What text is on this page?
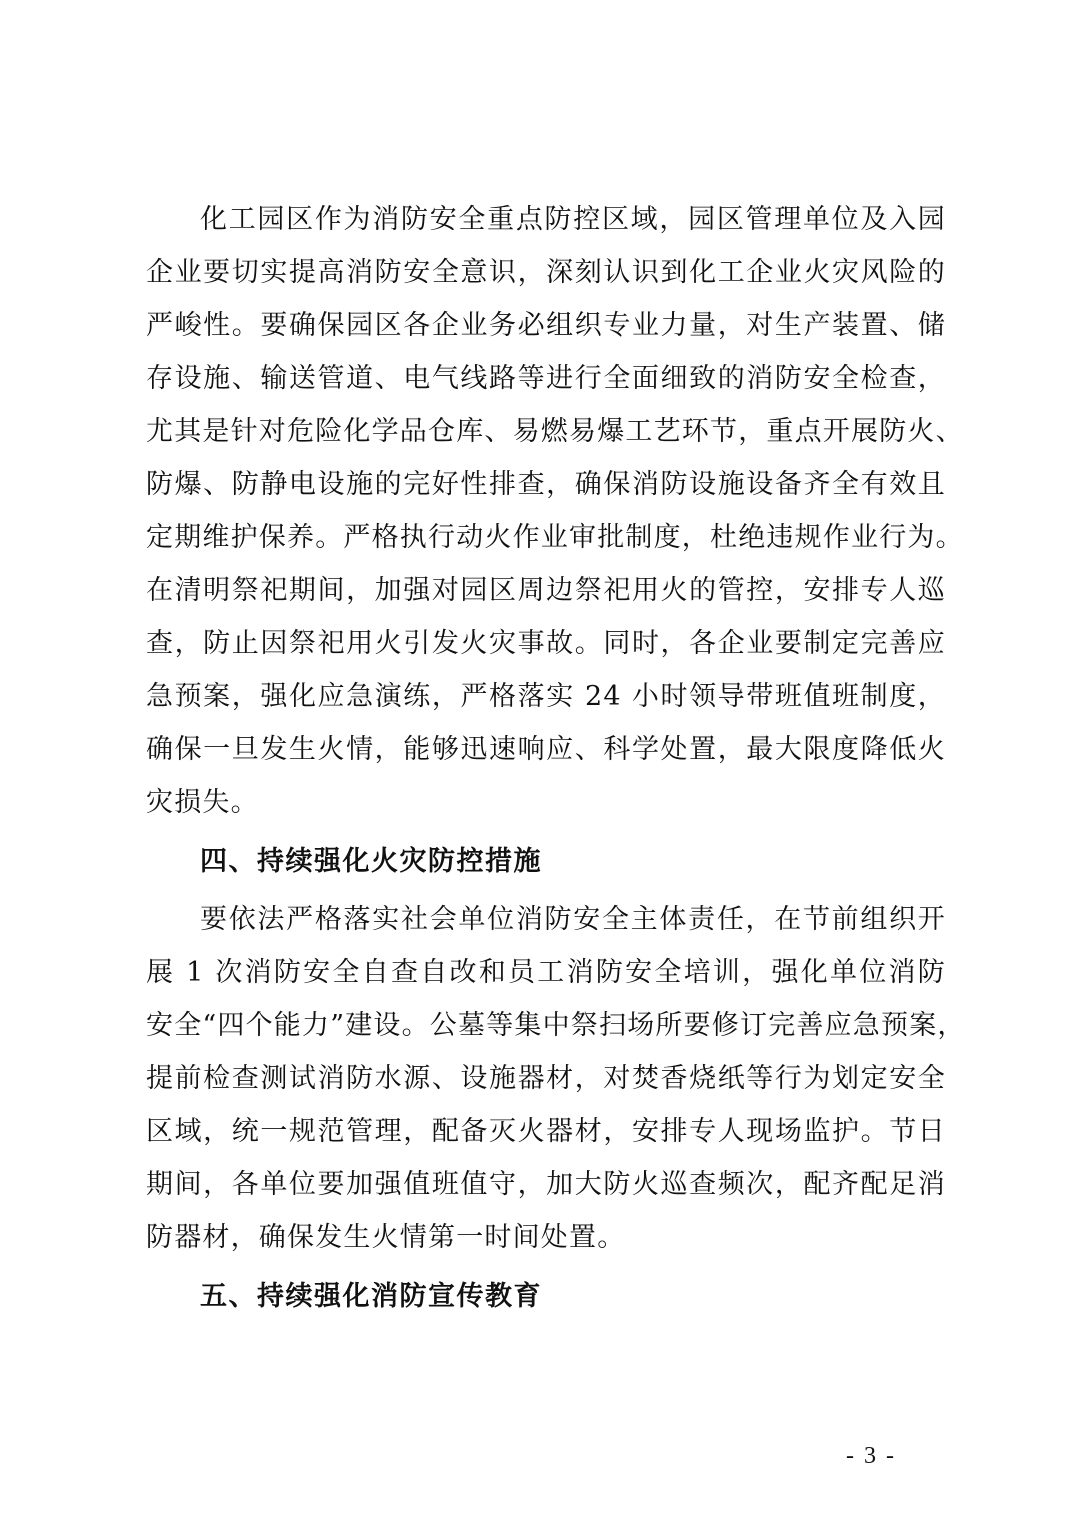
化工园区作为消防安全重点防控区域，园区管理单位及入园
企业要切实提高消防安全意识，深刻认识到化工企业火灾风险的
严峻性。要确保园区各企业务必组织专业力量，对生产装置、储
存设施、输送管道、电气线路等进行全面细致的消防安全检查，
尤其是针对危险化学品仓库、易燃易爆工艺环节，重点开展防火、
防爆、防静电设施的完好性排查，确保消防设施设备齐全有效且
定期维护保养。严格执行动火作业审批制度，杜绝违规作业行为。
在清明祭祀期间，加强对园区周边祭祀用火的管控，安排专人巡
查，防止因祭祀用火引发火灾事故。同时，各企业要制定完善应
急预案，强化应急演练，严格落实 24 小时领导带班值班制度，
确保一旦发生火情，能够迅速响应、科学处置，最大限度降低火
灾损失。
四、持续强化火灾防控措施
要依法严格落实社会单位消防安全主体责任，在节前组织开
展 1 次消防安全自查自改和员工消防安全培训，强化单位消防
安全“四个能力”建设。公墓等集中祭扫场所要修订完善应急预案，
提前检查测试消防水源、设施器材，对焚香烧纸等行为划定安全
区域，统一规范管理，配备灭火器材，安排专人现场监护。节日
期间，各单位要加强值班值守，加大防火巡查频次，配齐配足消
防器材，确保发生火情第一时间处置。
五、持续强化消防宣传教育
- 3 -
